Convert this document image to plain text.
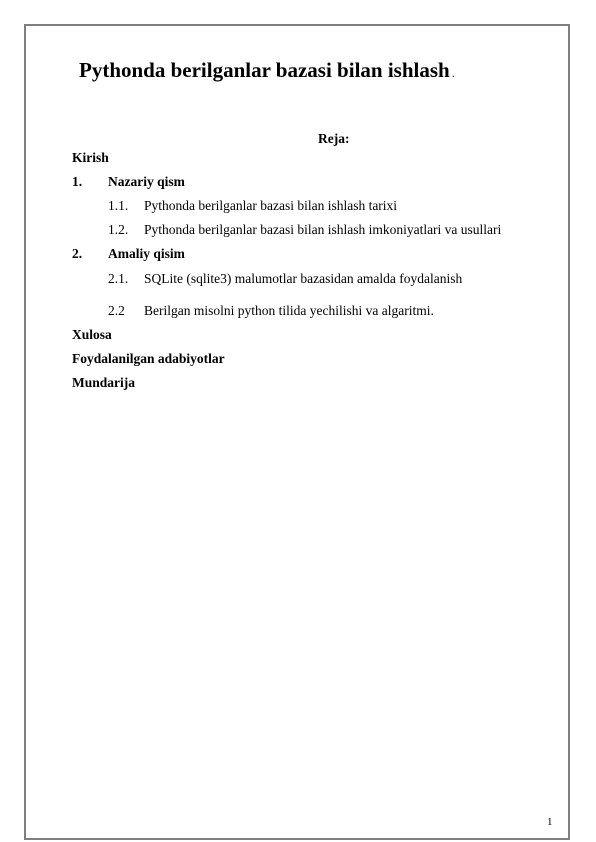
Pythonda berilganlar bazasi bilan ishlash .
Reja:
Kirish
1. Nazariy qism
1.1. Pythonda berilganlar bazasi bilan ishlash tarixi
1.2. Pythonda berilganlar bazasi bilan ishlash imkoniyatlari va usullari
2. Amaliy qisim
2.1. SQLite (sqlite3) malumotlar bazasidan amalda foydalanish
2.2 Berilgan misolni python tilida yechilishi va algaritmi.
Xulosa
Foydalanilgan adabiyotlar
Mundarija
1
